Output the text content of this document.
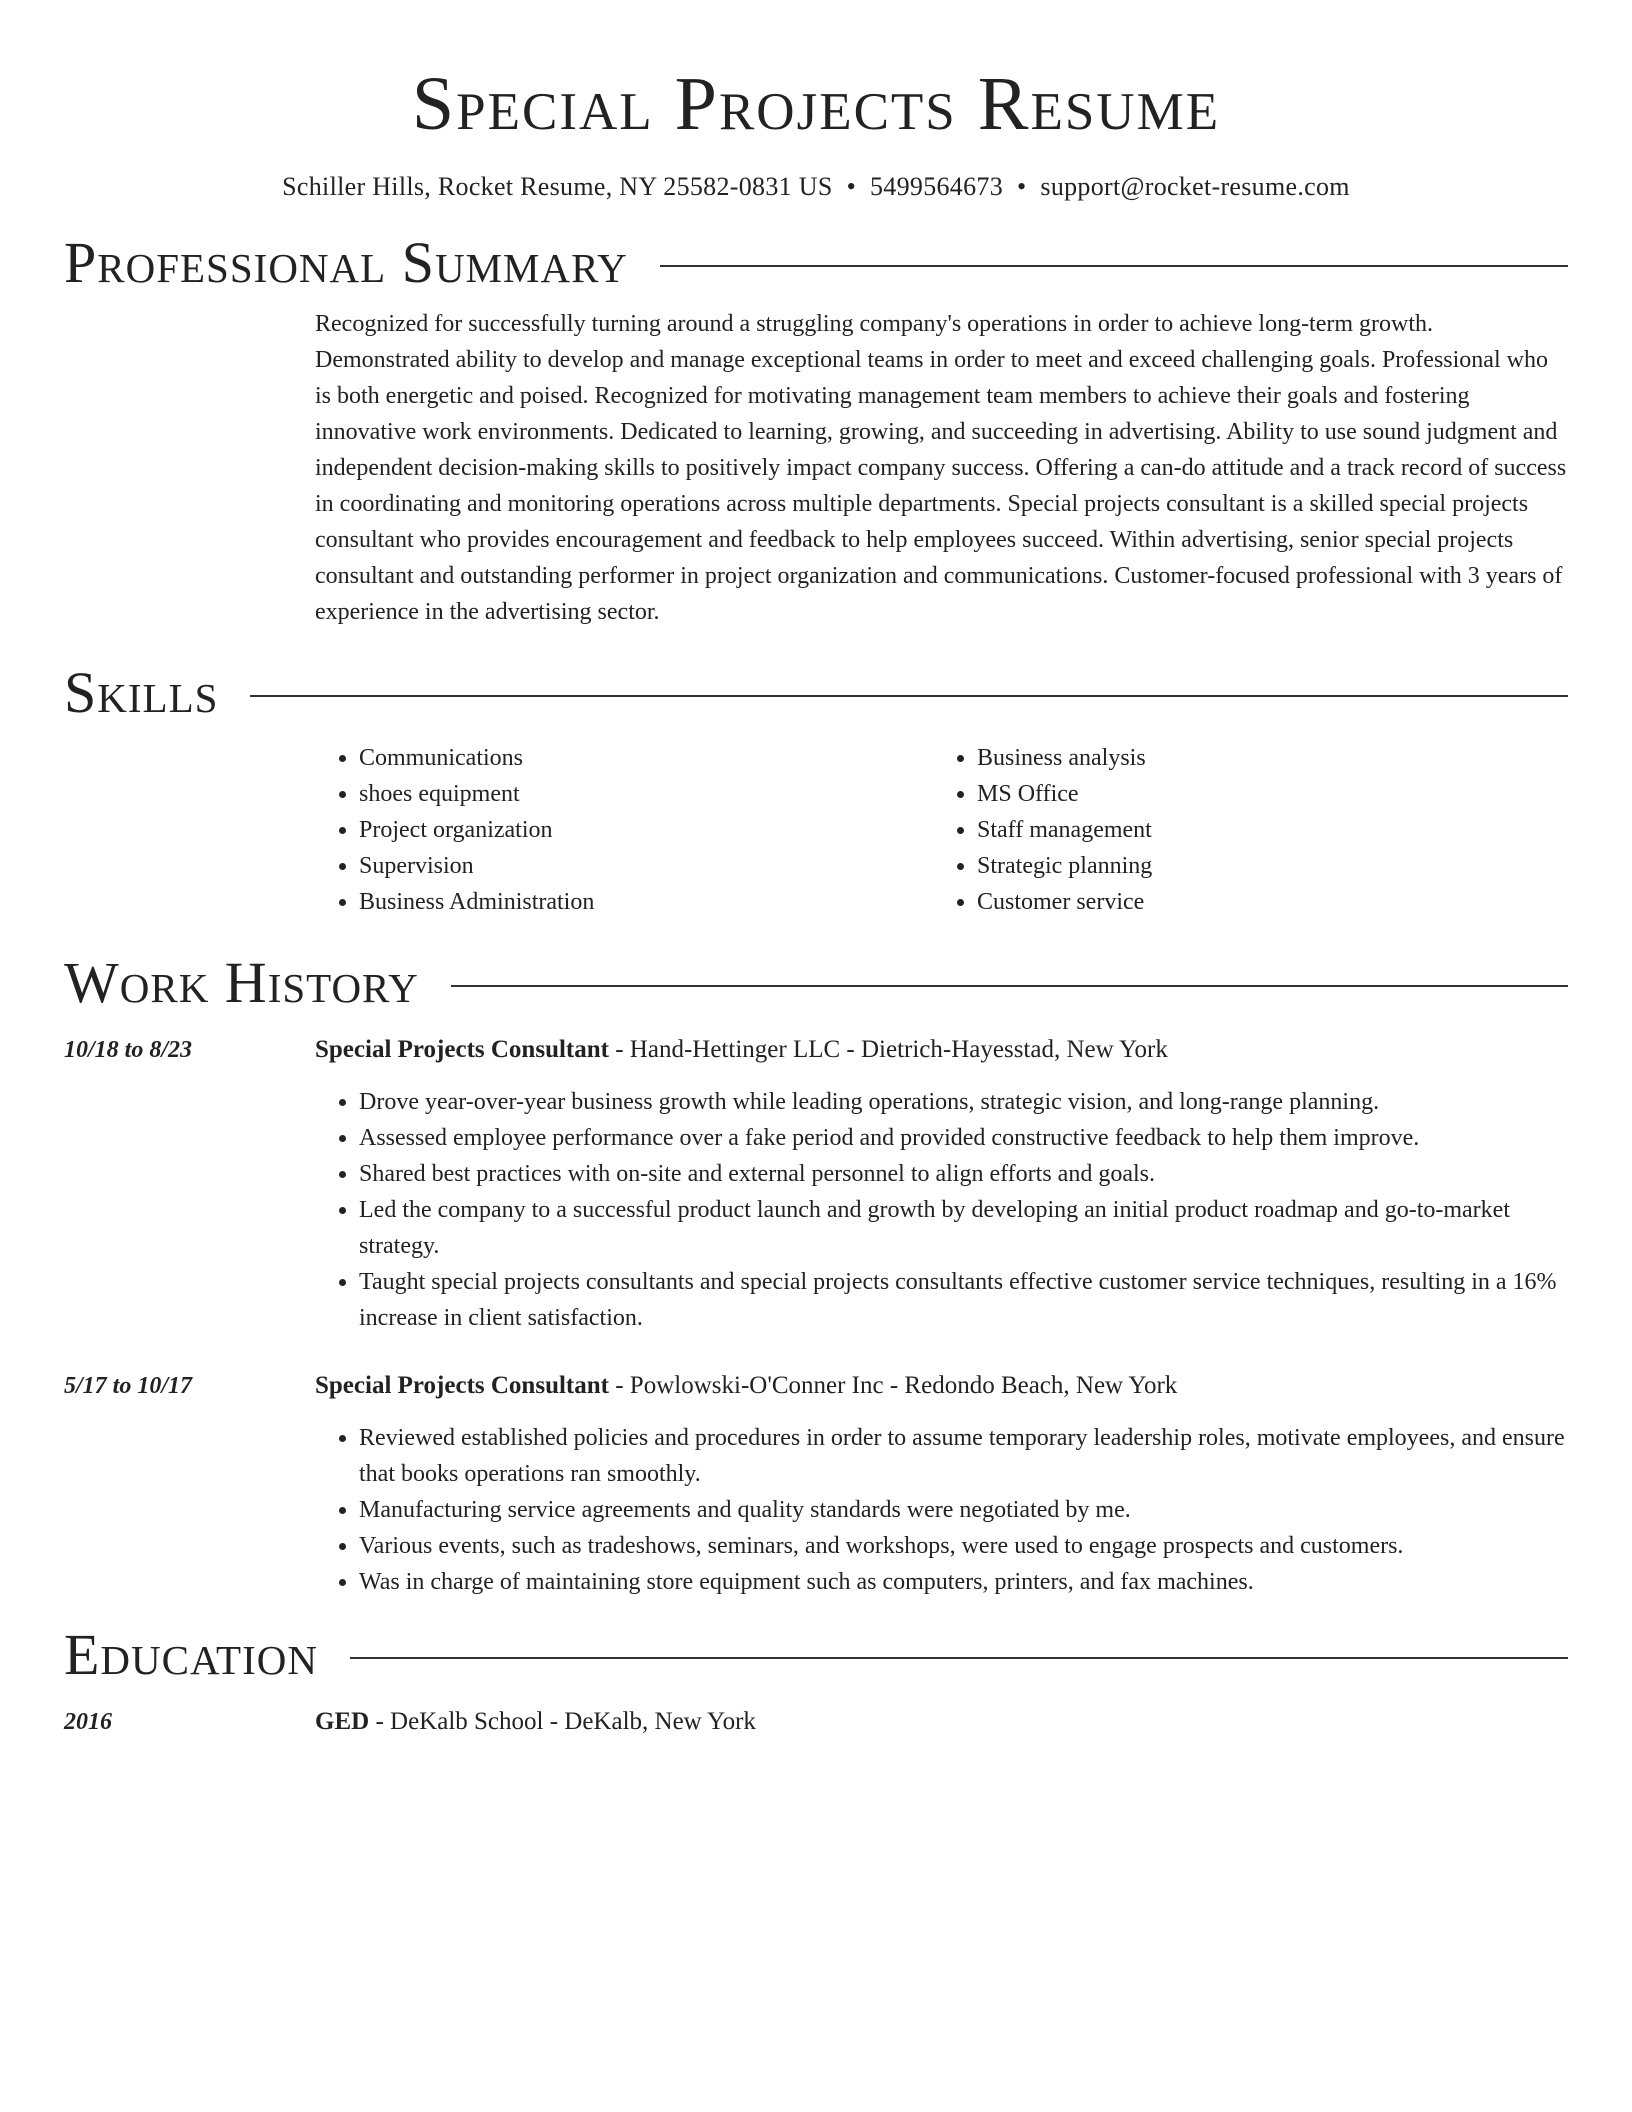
Special Projects Resume
Schiller Hills, Rocket Resume, NY 25582-0831 US • 5499564673 • support@rocket-resume.com
Professional Summary
Recognized for successfully turning around a struggling company's operations in order to achieve long-term growth. Demonstrated ability to develop and manage exceptional teams in order to meet and exceed challenging goals. Professional who is both energetic and poised. Recognized for motivating management team members to achieve their goals and fostering innovative work environments. Dedicated to learning, growing, and succeeding in advertising. Ability to use sound judgment and independent decision-making skills to positively impact company success. Offering a can-do attitude and a track record of success in coordinating and monitoring operations across multiple departments. Special projects consultant is a skilled special projects consultant who provides encouragement and feedback to help employees succeed. Within advertising, senior special projects consultant and outstanding performer in project organization and communications. Customer-focused professional with 3 years of experience in the advertising sector.
Skills
• Communications
• shoes equipment
• Project organization
• Supervision
• Business Administration
• Business analysis
• MS Office
• Staff management
• Strategic planning
• Customer service
Work History
10/18 to 8/23	Special Projects Consultant - Hand-Hettinger LLC - Dietrich-Hayesstad, New York
• Drove year-over-year business growth while leading operations, strategic vision, and long-range planning.
• Assessed employee performance over a fake period and provided constructive feedback to help them improve.
• Shared best practices with on-site and external personnel to align efforts and goals.
• Led the company to a successful product launch and growth by developing an initial product roadmap and go-to-market strategy.
• Taught special projects consultants and special projects consultants effective customer service techniques, resulting in a 16% increase in client satisfaction.
5/17 to 10/17	Special Projects Consultant - Powlowski-O'Conner Inc - Redondo Beach, New York
• Reviewed established policies and procedures in order to assume temporary leadership roles, motivate employees, and ensure that books operations ran smoothly.
• Manufacturing service agreements and quality standards were negotiated by me.
• Various events, such as tradeshows, seminars, and workshops, were used to engage prospects and customers.
• Was in charge of maintaining store equipment such as computers, printers, and fax machines.
Education
2016	GED - DeKalb School - DeKalb, New York
